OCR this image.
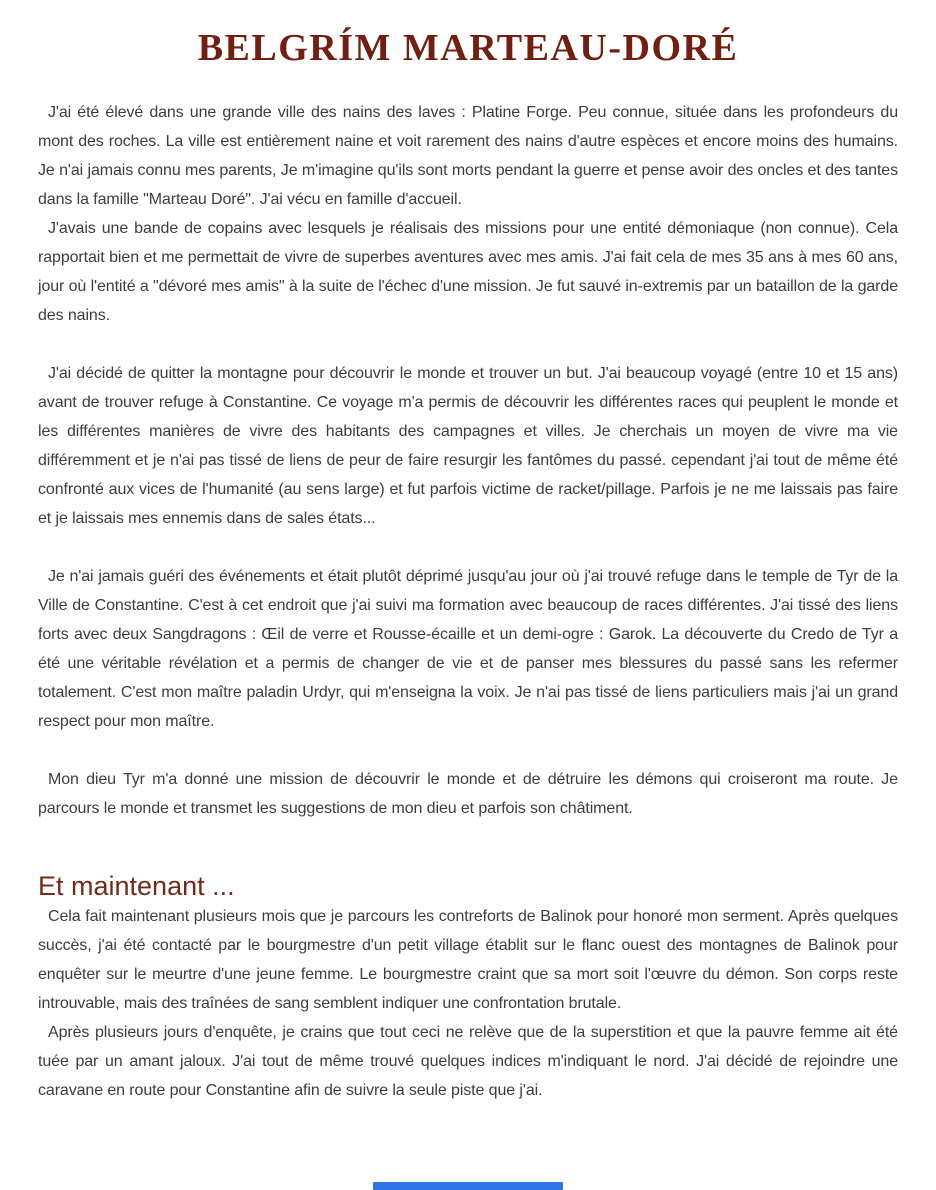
BELGRÍM MARTEAU-DORÉ

J'ai été élevé dans une grande ville des nains des laves : Platine Forge. Peu connue, située dans les profondeurs du mont des roches. La ville est entièrement naine et voit rarement des nains d'autre espèces et encore moins des humains. Je n'ai jamais connu mes parents, Je m'imagine qu'ils sont morts pendant la guerre et pense avoir des oncles et des tantes dans la famille "Marteau Doré". J'ai vécu en famille d'accueil.

J'avais une bande de copains avec lesquels je réalisais des missions pour une entité démoniaque (non connue). Cela rapportait bien et me permettait de vivre de superbes aventures avec mes amis. J'ai fait cela de mes 35 ans à mes 60 ans, jour où l'entité a "dévoré mes amis" à la suite de l'échec d'une mission. Je fut sauvé in-extremis par un bataillon de la garde des nains.

J'ai décidé de quitter la montagne pour découvrir le monde et trouver un but. J'ai beaucoup voyagé (entre 10 et 15 ans) avant de trouver refuge à Constantine. Ce voyage m'a permis de découvrir les différentes races qui peuplent le monde et les différentes manières de vivre des habitants des campagnes et villes. Je cherchais un moyen de vivre ma vie différemment et je n'ai pas tissé de liens de peur de faire resurgir les fantômes du passé. cependant j'ai tout de même été confronté aux vices de l'humanité (au sens large) et fut parfois victime de racket/pillage. Parfois je ne me laissais pas faire et je laissais mes ennemis dans de sales états...

Je n'ai jamais guéri des événements et était plutôt déprimé jusqu'au jour où j'ai trouvé refuge dans le temple de Tyr de la Ville de Constantine. C'est à cet endroit que j'ai suivi ma formation avec beaucoup de races différentes. J'ai tissé des liens forts avec deux Sangdragons : Œil de verre et Rousse-écaille et un demi-ogre : Garok. La découverte du Credo de Tyr a été une véritable révélation et a permis de changer de vie et de panser mes blessures du passé sans les refermer totalement. C'est mon maître paladin Urdyr, qui m'enseigna la voix. Je n'ai pas tissé de liens particuliers mais j'ai un grand respect pour mon maître.

Mon dieu Tyr m'a donné une mission de découvrir le monde et de détruire les démons qui croiseront ma route. Je parcours le monde et transmet les suggestions de mon dieu et parfois son châtiment.

Et maintenant ...

Cela fait maintenant plusieurs mois que je parcours les contreforts de Balinok pour honoré mon serment. Après quelques succès, j'ai été contacté par le bourgmestre d'un petit village établit sur le flanc ouest des montagnes de Balinok pour enquêter sur le meurtre d'une jeune femme. Le bourgmestre craint que sa mort soit l'œuvre du démon. Son corps reste introuvable, mais des traînées de sang semblent indiquer une confrontation brutale.

Après plusieurs jours d'enquête, je crains que tout ceci ne relève que de la superstition et que la pauvre femme ait été tuée par un amant jaloux. J'ai tout de même trouvé quelques indices m'indiquant le nord. J'ai décidé de rejoindre une caravane en route pour Constantine afin de suivre la seule piste que j'ai.
